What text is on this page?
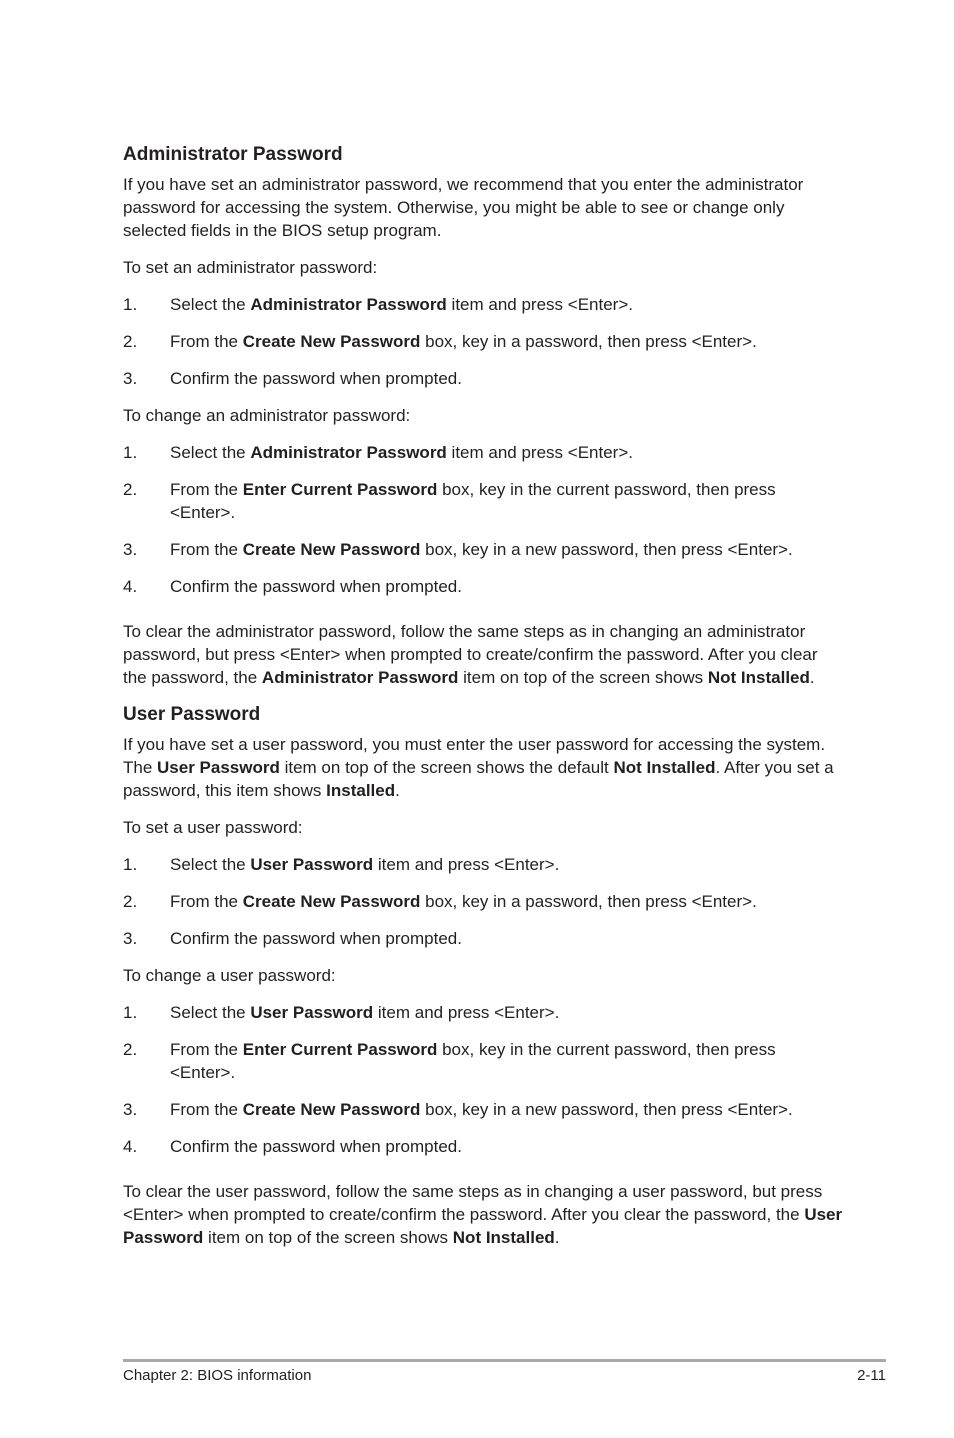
Administrator Password

If you have set an administrator password, we recommend that you enter the administrator password for accessing the system. Otherwise, you might be able to see or change only selected fields in the BIOS setup program.

To set an administrator password:

1.	Select the Administrator Password item and press <Enter>.
2.	From the Create New Password box, key in a password, then press <Enter>.
3.	Confirm the password when prompted.

To change an administrator password:

1.	Select the Administrator Password item and press <Enter>.
2.	From the Enter Current Password box, key in the current password, then press <Enter>.
3.	From the Create New Password box, key in a new password, then press <Enter>.
4.	Confirm the password when prompted.

To clear the administrator password, follow the same steps as in changing an administrator password, but press <Enter> when prompted to create/confirm the password. After you clear the password, the Administrator Password item on top of the screen shows Not Installed.

User Password

If you have set a user password, you must enter the user password for accessing the system. The User Password item on top of the screen shows the default Not Installed. After you set a password, this item shows Installed.

To set a user password:

1.	Select the User Password item and press <Enter>.
2.	From the Create New Password box, key in a password, then press <Enter>.
3.	Confirm the password when prompted.

To change a user password:

1.	Select the User Password item and press <Enter>.
2.	From the Enter Current Password box, key in the current password, then press <Enter>.
3.	From the Create New Password box, key in a new password, then press <Enter>.
4.	Confirm the password when prompted.

To clear the user password, follow the same steps as in changing a user password, but press <Enter> when prompted to create/confirm the password. After you clear the password, the User Password item on top of the screen shows Not Installed.

Chapter 2: BIOS information	2-11
